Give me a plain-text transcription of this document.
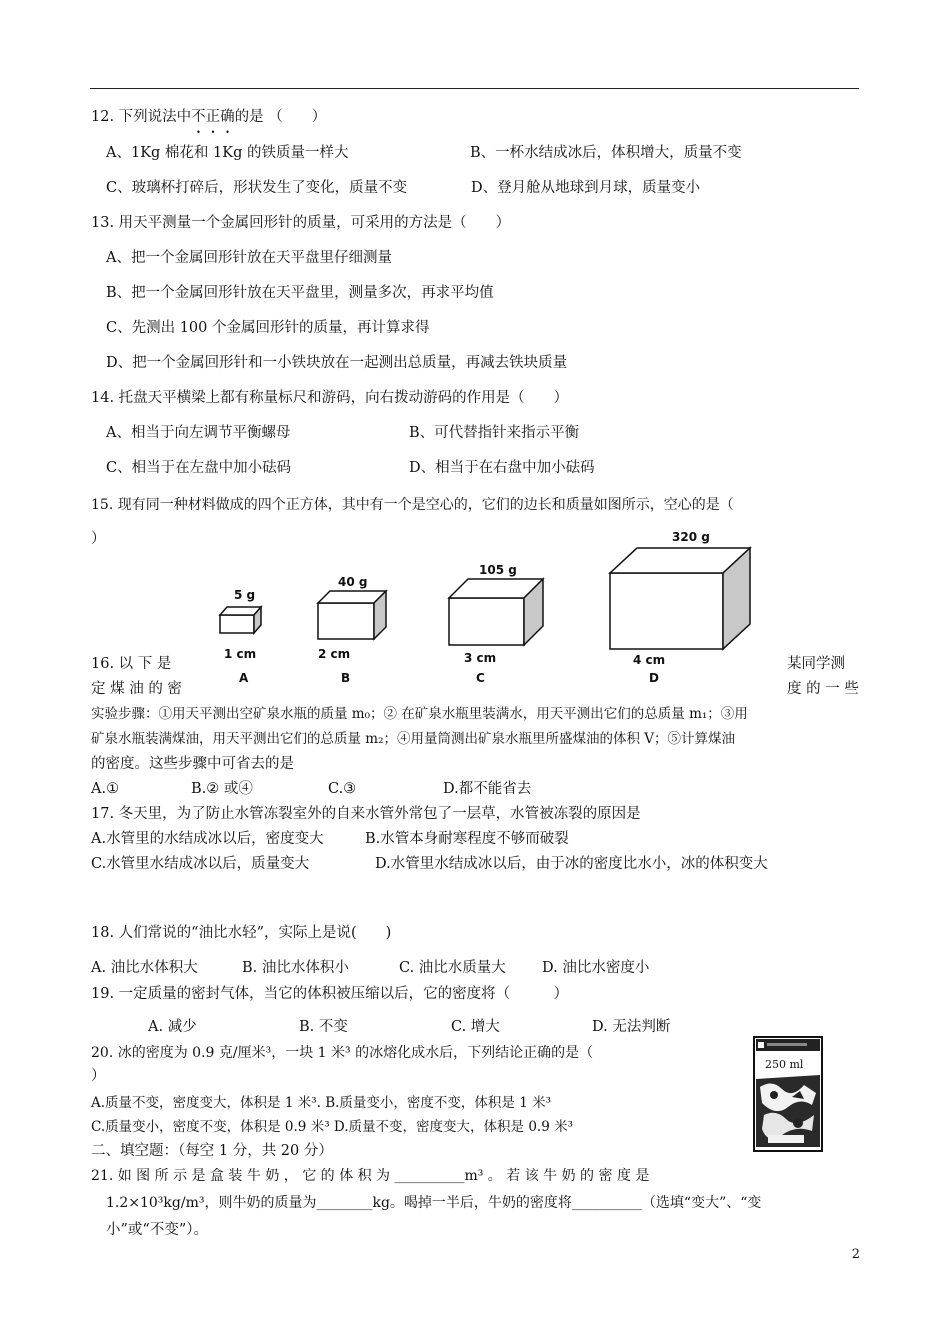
12. 下列说法中不正确的是 （　　）
A、1Kg 棉花和 1Kg 的铁质量一样大	B、一杯水结成冰后，体积增大，质量不变
C、玻璃杯打碎后，形状发生了变化，质量不变	D、登月舱从地球到月球，质量变小
13. 用天平测量一个金属回形针的质量，可采用的方法是（　　）
A、把一个金属回形针放在天平盘里仔细测量
B、把一个金属回形针放在天平盘里，测量多次，再求平均值
C、先测出 100 个金属回形针的质量，再计算求得
D、把一个金属回形针和一小铁块放在一起测出总质量，再减去铁块质量
14. 托盘天平横梁上都有称量标尺和游码，向右拨动游码的作用是（　　）
A、相当于向左调节平衡螺母	B、可代替指针来指示平衡
C、相当于在左盘中加小砝码	D、相当于在右盘中加小砝码
15. 现有同一种材料做成的四个正方体，其中有一个是空心的，它们的边长和质量如图所示，空心的是（
）
5 g
1 cm
A
40 g
2 cm
B
105 g
3 cm
C
320 g
4 cm
D
16. 以 下 是	某同学测
定 煤 油 的 密	度 的 一 些
实验步骤：①用天平测出空矿泉水瓶的质量 m₀；② 在矿泉水瓶里装满水，用天平测出它们的总质量 m₁；③用
矿泉水瓶装满煤油，用天平测出它们的总质量 m₂；④用量筒测出矿泉水瓶里所盛煤油的体积 V；⑤计算煤油
的密度。这些步骤中可省去的是
A.①	B.② 或④	C.③	D.都不能省去
17. 冬天里，为了防止水管冻裂室外的自来水管外常包了一层草，水管被冻裂的原因是
A.水管里的水结成冰以后，密度变大	B.水管本身耐寒程度不够而破裂
C.水管里水结成冰以后，质量变大	D.水管里水结成冰以后，由于冰的密度比水小，冰的体积变大
18. 人们常说的“油比水轻”，实际上是说(　　)
A. 油比水体积大	B. 油比水体积小	C. 油比水质量大 D. 油比水密度小
19. 一定质量的密封气体，当它的体积被压缩以后，它的密度将（　　　）
A. 减少	B. 不变	C. 增大	D. 无法判断
20. 冰的密度为 0.9 克/厘米³，一块 1 米³ 的冰熔化成水后，下列结论正确的是（
）
A.质量不变，密度变大，体积是 1 米³. B.质量变小，密度不变，体积是 1 米³
C.质量变小，密度不变，体积是 0.9 米³ D.质量不变，密度变大，体积是 0.9 米³
二、填空题：（每空 1 分，共 20 分）
21. 如 图 所 示 是 盒 装 牛 奶 ， 它 的 体 积 为 __________m³ 。 若 该 牛 奶 的 密 度 是
1.2×10³kg/m³，则牛奶的质量为________kg。喝掉一半后，牛奶的密度将__________（选填“变大”、“变
小”或“不变”）。
250 ml
2
